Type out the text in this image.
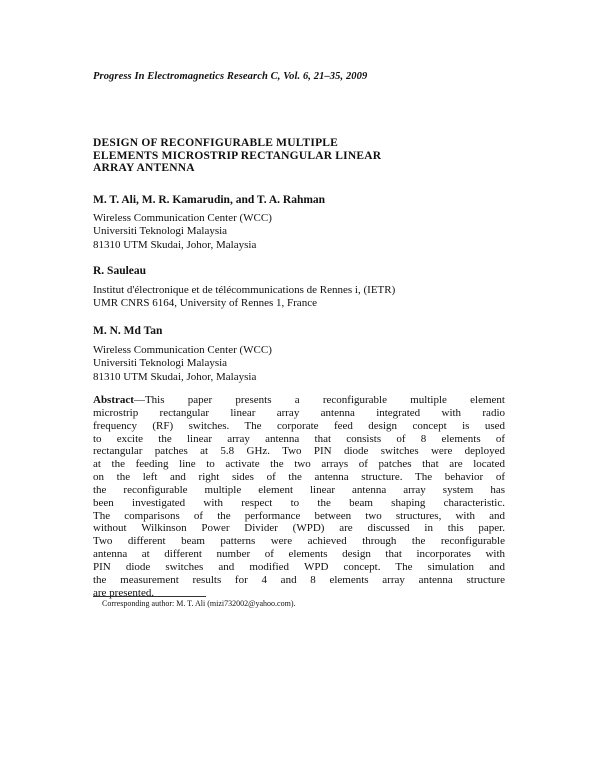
Progress In Electromagnetics Research C, Vol. 6, 21–35, 2009
DESIGN OF RECONFIGURABLE MULTIPLE
ELEMENTS MICROSTRIP RECTANGULAR LINEAR
ARRAY ANTENNA
M. T. Ali, M. R. Kamarudin, and T. A. Rahman
Wireless Communication Center (WCC)
Universiti Teknologi Malaysia
81310 UTM Skudai, Johor, Malaysia
R. Sauleau
Institut d'électronique et de télécommunications de Rennes i, (IETR)
UMR CNRS 6164, University of Rennes 1, France
M. N. Md Tan
Wireless Communication Center (WCC)
Universiti Teknologi Malaysia
81310 UTM Skudai, Johor, Malaysia
Abstract—This paper presents a reconfigurable multiple element
microstrip rectangular linear array antenna integrated with radio
frequency (RF) switches. The corporate feed design concept is used
to excite the linear array antenna that consists of 8 elements of
rectangular patches at 5.8 GHz. Two PIN diode switches were deployed
at the feeding line to activate the two arrays of patches that are located
on the left and right sides of the antenna structure. The behavior of
the reconfigurable multiple element linear antenna array system has
been investigated with respect to the beam shaping characteristic.
The comparisons of the performance between two structures, with and
without Wilkinson Power Divider (WPD) are discussed in this paper.
Two different beam patterns were achieved through the reconfigurable
antenna at different number of elements design that incorporates with
PIN diode switches and modified WPD concept. The simulation and
the measurement results for 4 and 8 elements array antenna structure
are presented.
Corresponding author: M. T. Ali (mizi732002@yahoo.com).
